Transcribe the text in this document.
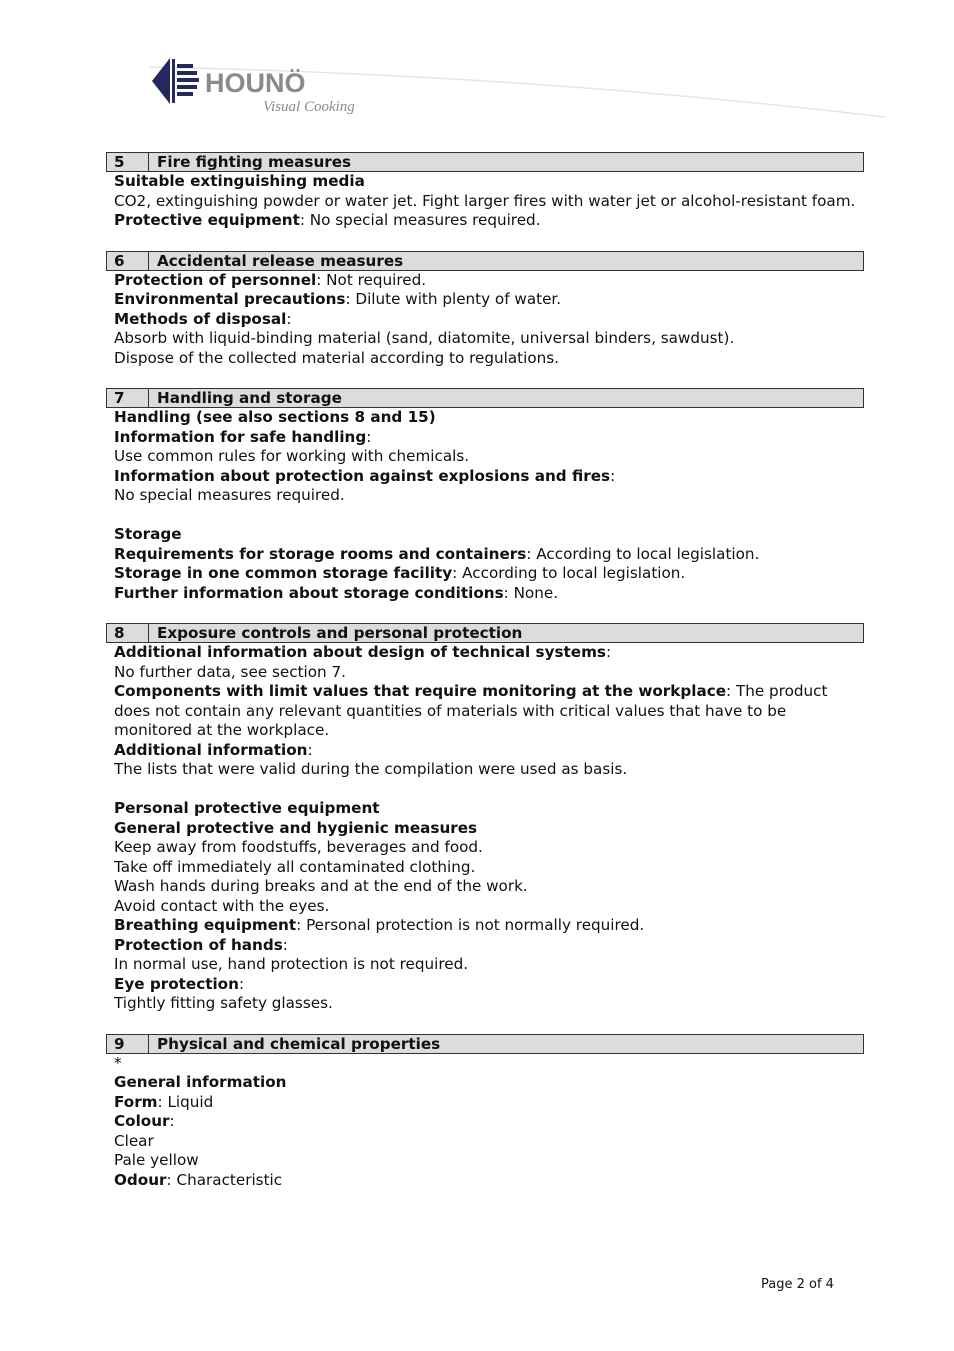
HOUNÖ
Visual Cooking
5	Fire fighting measures
Suitable extinguishing media
CO2, extinguishing powder or water jet. Fight larger fires with water jet or alcohol-resistant foam.
Protective equipment: No special measures required.
6	Accidental release measures
Protection of personnel: Not required.
Environmental precautions: Dilute with plenty of water.
Methods of disposal:
Absorb with liquid-binding material (sand, diatomite, universal binders, sawdust).
Dispose of the collected material according to regulations.
7	Handling and storage
Handling (see also sections 8 and 15)
Information for safe handling:
Use common rules for working with chemicals.
Information about protection against explosions and fires:
No special measures required.
Storage
Requirements for storage rooms and containers: According to local legislation.
Storage in one common storage facility: According to local legislation.
Further information about storage conditions: None.
8	Exposure controls and personal protection
Additional information about design of technical systems:
No further data, see section 7.
Components with limit values that require monitoring at the workplace: The product does not contain any relevant quantities of materials with critical values that have to be monitored at the workplace.
Additional information:
The lists that were valid during the compilation were used as basis.
Personal protective equipment
General protective and hygienic measures
Keep away from foodstuffs, beverages and food.
Take off immediately all contaminated clothing.
Wash hands during breaks and at the end of the work.
Avoid contact with the eyes.
Breathing equipment: Personal protection is not normally required.
Protection of hands:
In normal use, hand protection is not required.
Eye protection:
Tightly fitting safety glasses.
9	Physical and chemical properties
*
General information
Form: Liquid
Colour:
Clear
Pale yellow
Odour: Characteristic
Page 2 of 4
